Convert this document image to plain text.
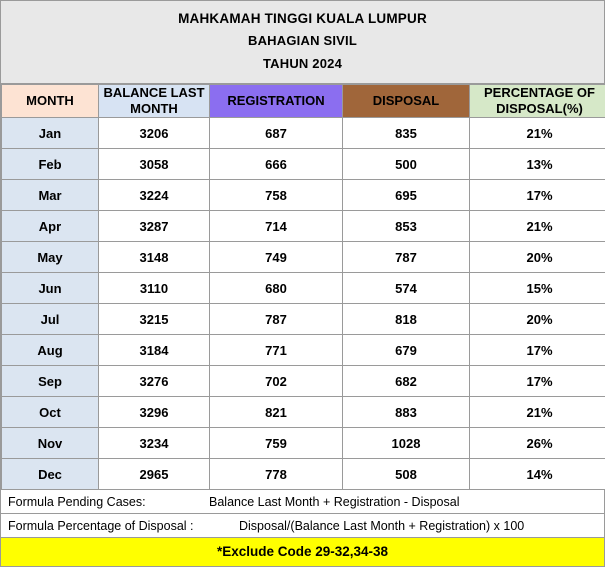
MAHKAMAH TINGGI KUALA LUMPUR
BAHAGIAN SIVIL
TAHUN 2024
MONTH	BALANCE LAST MONTH	REGISTRATION	DISPOSAL	PERCENTAGE OF DISPOSAL(%)
Jan	3206	687	835	21%
Feb	3058	666	500	13%
Mar	3224	758	695	17%
Apr	3287	714	853	21%
May	3148	749	787	20%
Jun	3110	680	574	15%
Jul	3215	787	818	20%
Aug	3184	771	679	17%
Sep	3276	702	682	17%
Oct	3296	821	883	21%
Nov	3234	759	1028	26%
Dec	2965	778	508	14%
Formula Pending Cases:	Balance Last Month + Registration - Disposal
Formula Percentage of Disposal :	Disposal/(Balance Last Month + Registration) x 100
*Exclude Code 29-32,34-38
